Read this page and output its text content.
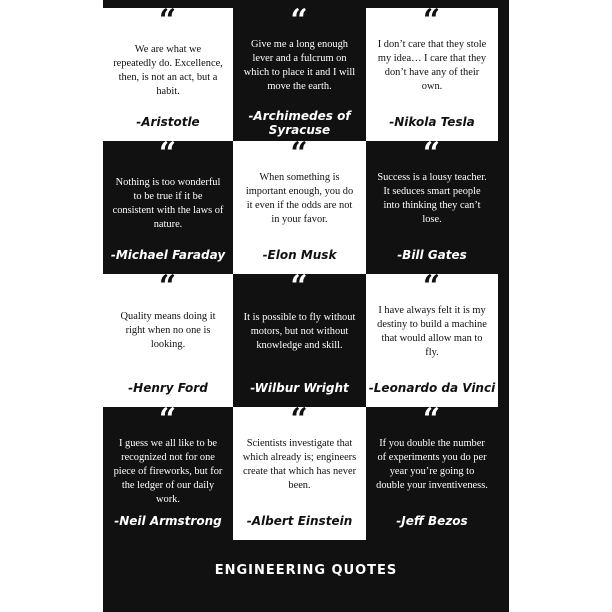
“
We are what we repeatedly do. Excellence, then, is not an act, but a habit.
-Aristotle
“
Give me a long enough lever and a fulcrum on which to place it and I will move the earth.
-Archimedes of Syracuse
“
I don’t care that they stole my idea… I care that they don’t have any of their own.
-Nikola Tesla
“
Nothing is too wonderful to be true if it be consistent with the laws of nature.
-Michael Faraday
“
When something is important enough, you do it even if the odds are not in your favor.
-Elon Musk
“
Success is a lousy teacher. It seduces smart people into thinking they can’t lose.
-Bill Gates
“
Quality means doing it right when no one is looking.
-Henry Ford
“
It is possible to fly without motors, but not without knowledge and skill.
-Wilbur Wright
“
I have always felt it is my destiny to build a machine that would allow man to fly.
-Leonardo da Vinci
“
I guess we all like to be recognized not for one piece of fireworks, but for the ledger of our daily work.
-Neil Armstrong
“
Scientists investigate that which already is; engineers create that which has never been.
-Albert Einstein
“
If you double the number of experiments you do per year you’re going to double your inventiveness.
-Jeff Bezos
ENGINEERING QUOTES
